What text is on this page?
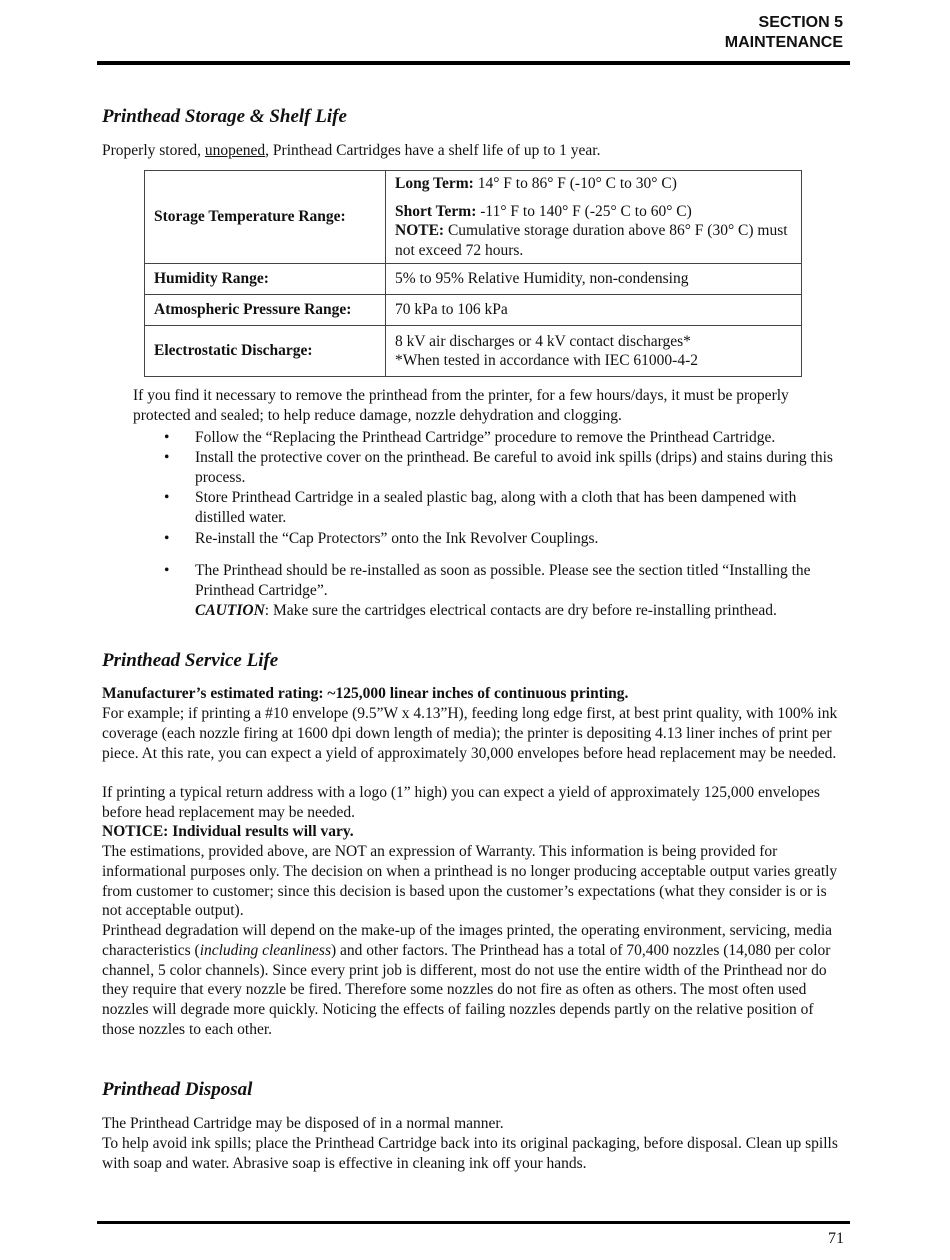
SECTION 5
MAINTENANCE
Printhead Storage & Shelf Life
Properly stored, unopened, Printhead Cartridges have a shelf life of up to 1 year.
Storage Temperature Range:	Long Term: 14° F to 86° F (-10° C to 30° C)
Short Term: -11° F to 140° F (-25° C to 60° C)
NOTE: Cumulative storage duration above 86° F (30° C) must not exceed 72 hours.

Humidity Range:	5% to 95% Relative Humidity, non-condensing
Atmospheric Pressure Range:	70 kPa to 106 kPa
Electrostatic Discharge:	8 kV air discharges or 4 kV contact discharges*
*When tested in accordance with IEC 61000-4-2
If you find it necessary to remove the printhead from the printer, for a few hours/days, it must be properly protected and sealed; to help reduce damage, nozzle dehydration and clogging.
• Follow the “Replacing the Printhead Cartridge” procedure to remove the Printhead Cartridge.
• Install the protective cover on the printhead. Be careful to avoid ink spills (drips) and stains during this process.
• Store Printhead Cartridge in a sealed plastic bag, along with a cloth that has been dampened with distilled water.
• Re-install the “Cap Protectors” onto the Ink Revolver Couplings.
• The Printhead should be re-installed as soon as possible. Please see the section titled “Installing the Printhead Cartridge”.
CAUTION: Make sure the cartridges electrical contacts are dry before re-installing printhead.
Printhead Service Life
Manufacturer’s estimated rating: ~125,000 linear inches of continuous printing.
For example; if printing a #10 envelope (9.5”W x 4.13”H), feeding long edge first, at best print quality, with 100% ink coverage (each nozzle firing at 1600 dpi down length of media); the printer is depositing 4.13 liner inches of print per piece. At this rate, you can expect a yield of approximately 30,000 envelopes before head replacement may be needed.
If printing a typical return address with a logo (1” high) you can expect a yield of approximately 125,000 envelopes before head replacement may be needed.
NOTICE: Individual results will vary.
The estimations, provided above, are NOT an expression of Warranty. This information is being provided for informational purposes only. The decision on when a printhead is no longer producing acceptable output varies greatly from customer to customer; since this decision is based upon the customer’s expectations (what they consider is or is not acceptable output).
Printhead degradation will depend on the make-up of the images printed, the operating environment, servicing, media characteristics (including cleanliness) and other factors. The Printhead has a total of 70,400 nozzles (14,080 per color channel, 5 color channels). Since every print job is different, most do not use the entire width of the Printhead nor do they require that every nozzle be fired. Therefore some nozzles do not fire as often as others. The most often used nozzles will degrade more quickly. Noticing the effects of failing nozzles depends partly on the relative position of those nozzles to each other.
Printhead Disposal
The Printhead Cartridge may be disposed of in a normal manner.
To help avoid ink spills; place the Printhead Cartridge back into its original packaging, before disposal. Clean up spills with soap and water. Abrasive soap is effective in cleaning ink off your hands.
71
